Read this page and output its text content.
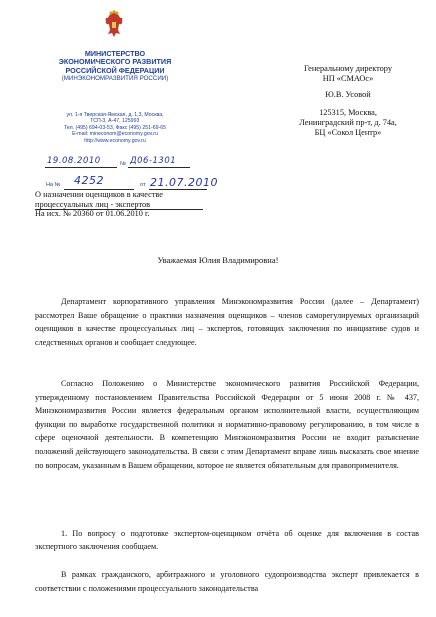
МИНИСТЕРСТВО
ЭКОНОМИЧЕСКОГО РАЗВИТИЯ
РОССИЙСКОЙ ФЕДЕРАЦИИ
(МИНЭКОНОМРАЗВИТИЯ РОССИИ)
ул. 1-я Тверская-Ямская, д. 1,3, Москва,
ГСП-3, А-47, 125993
Тел. (495) 694-03-53, Факс (495) 251-69-65
E-mail: mineconom@economy.gov.ru
http://www.economy.gov.ru
19.08.2010	№ Д06-1301
На № 4252	от 21.07.2010
Генеральному директору
НП «СМАОс»
Ю.В. Усовой
125315, Москва,
Ленинградский пр-т, д. 74а,
БЦ «Сокол Центр»
О назначении оценщиков в качестве
процессуальных лиц - экспертов
На исх. № 20360 от 01.06.2010 г.
Уважаемая Юлия Владимировна!
Департамент корпоративного управления Минэкономразвития России (далее – Департамент) рассмотрел Ваше обращение о практики назначения оценщиков – членов саморегулируемых организаций оценщиков в качестве процессуальных лиц – экспертов, готовящих заключения по инициативе судов и следственных органов и сообщает следующее.
Согласно Положению о Министерстве экономического развития Российской Федерации, утвержденному постановлением Правительства Российской Федерации от 5 июня 2008 г. № 437, Минэкономразвития России является федеральным органом исполнительной власти, осуществляющим функции по выработке государственной политики и нормативно-правовому регулированию, в том числе в сфере оценочной деятельности. В компетенцию Минэкономразвития России не входит разъяснение положений действующего законодательства. В связи с этим Департамент вправе лишь высказать свое мнение по вопросам, указанным в Вашем обращении, которое не является обязательным для правоприменителя.
1. По вопросу о подготовке экспертом-оценщиком отчёта об оценке для включения в состав экспертного заключения сообщаем.
В рамках гражданского, арбитражного и уголовного судопроизводства эксперт привлекается в соответствии с положениями процессуального законодательства
